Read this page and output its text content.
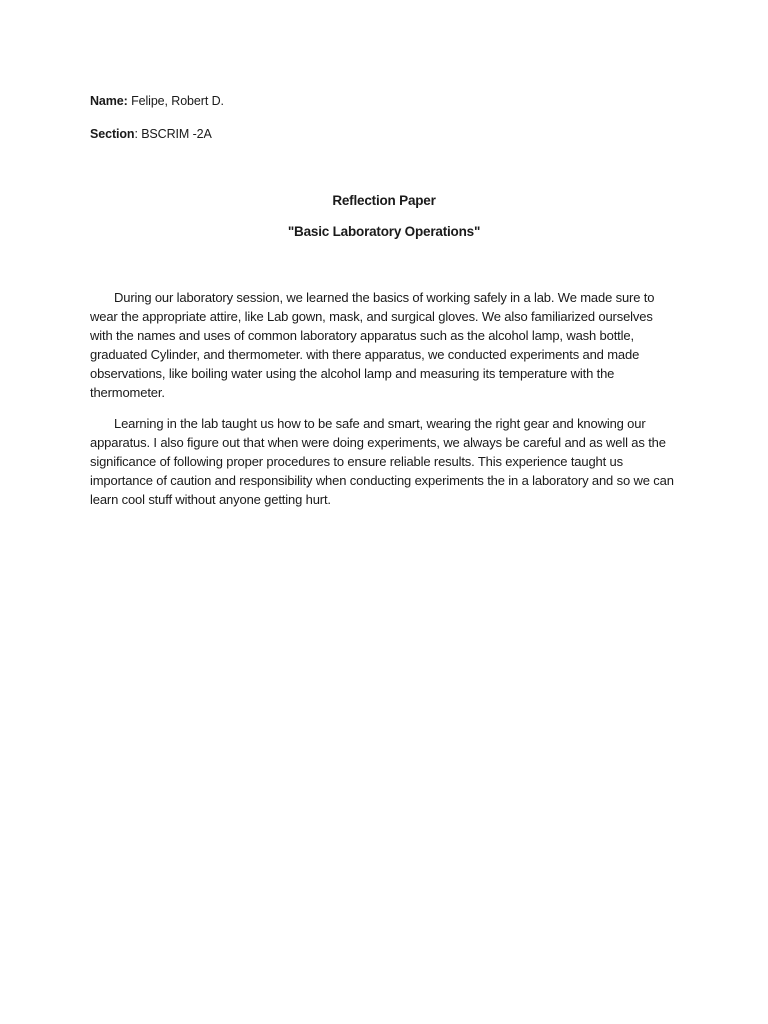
Name: Felipe, Robert D.

Section: BSCRIM -2A

Reflection Paper

"Basic Laboratory Operations"

During our laboratory session, we learned the basics of working safely in a lab. We made sure to wear the appropriate attire, like Lab gown, mask, and surgical gloves. We also familiarized ourselves with the names and uses of common laboratory apparatus such as the alcohol lamp, wash bottle, graduated Cylinder, and thermometer. with there apparatus, we conducted experiments and made observations, like boiling water using the alcohol lamp and measuring its temperature with the thermometer.

Learning in the lab taught us how to be safe and smart, wearing the right gear and knowing our apparatus. I also figure out that when were doing experiments, we always be careful and as well as the significance of following proper procedures to ensure reliable results. This experience taught us importance of caution and responsibility when conducting experiments the in a laboratory and so we can learn cool stuff without anyone getting hurt.
